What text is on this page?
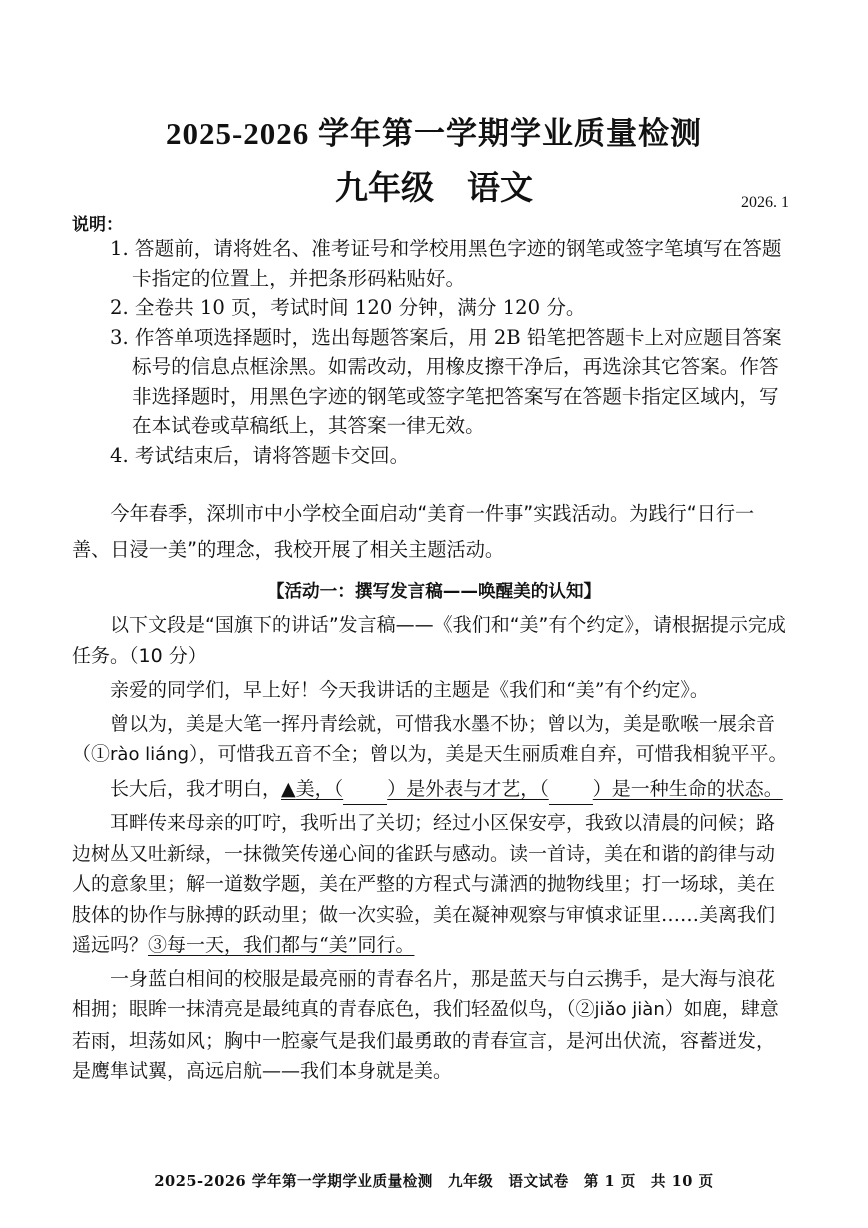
2025-2026 学年第一学期学业质量检测
九年级　语文	2026. 1
说明：

1. 答题前，请将姓名、准考证号和学校用黑色字迹的钢笔或签字笔填写在答题卡指定的位置上，并把条形码粘贴好。

2. 全卷共 10 页，考试时间 120 分钟，满分 120 分。

3. 作答单项选择题时，选出每题答案后，用 2B 铅笔把答题卡上对应题目答案标号的信息点框涂黑。如需改动，用橡皮擦干净后，再选涂其它答案。作答非选择题时，用黑色字迹的钢笔或签字笔把答案写在答题卡指定区域内，写在本试卷或草稿纸上，其答案一律无效。

4. 考试结束后，请将答题卡交回。

今年春季，深圳市中小学校全面启动“美育一件事”实践活动。为践行“日行一善、日浸一美”的理念，我校开展了相关主题活动。
【活动一：撰写发言稿——唤醒美的认知】
以下文段是“国旗下的讲话”发言稿——《我们和“美”有个约定》，请根据提示完成任务。（10 分）

亲爱的同学们，早上好！今天我讲话的主题是《我们和“美”有个约定》。

曾以为，美是大笔一挥丹青绘就，可惜我水墨不协；曾以为，美是歌喉一展余音（①rào liáng），可惜我五音不全；曾以为，美是天生丽质难自弃，可惜我相貌平平。

长大后，我才明白，▲美，（ ）是外表与才艺，（ ）是一种生命的状态。

耳畔传来母亲的叮咛，我听出了关切；经过小区保安亭，我致以清晨的问候；路边树丛又吐新绿，一抹微笑传递心间的雀跃与感动。读一首诗，美在和谐的韵律与动人的意象里；解一道数学题，美在严整的方程式与潇洒的抛物线里；打一场球，美在肢体的协作与脉搏的跃动里；做一次实验，美在凝神观察与审慎求证里……美离我们遥远吗？③每一天，我们都与“美”同行。

一身蓝白相间的校服是最亮丽的青春名片，那是蓝天与白云携手，是大海与浪花相拥；眼眸一抹清亮是最纯真的青春底色，我们轻盈似鸟，（②jiǎo jiàn）如鹿，肆意若雨，坦荡如风；胸中一腔豪气是我们最勇敢的青春宣言，是河出伏流，容蓄迸发，是鹰隼试翼，高远启航——我们本身就是美。

2025-2026 学年第一学期学业质量检测　九年级　语文试卷　第 1 页　共 10 页
